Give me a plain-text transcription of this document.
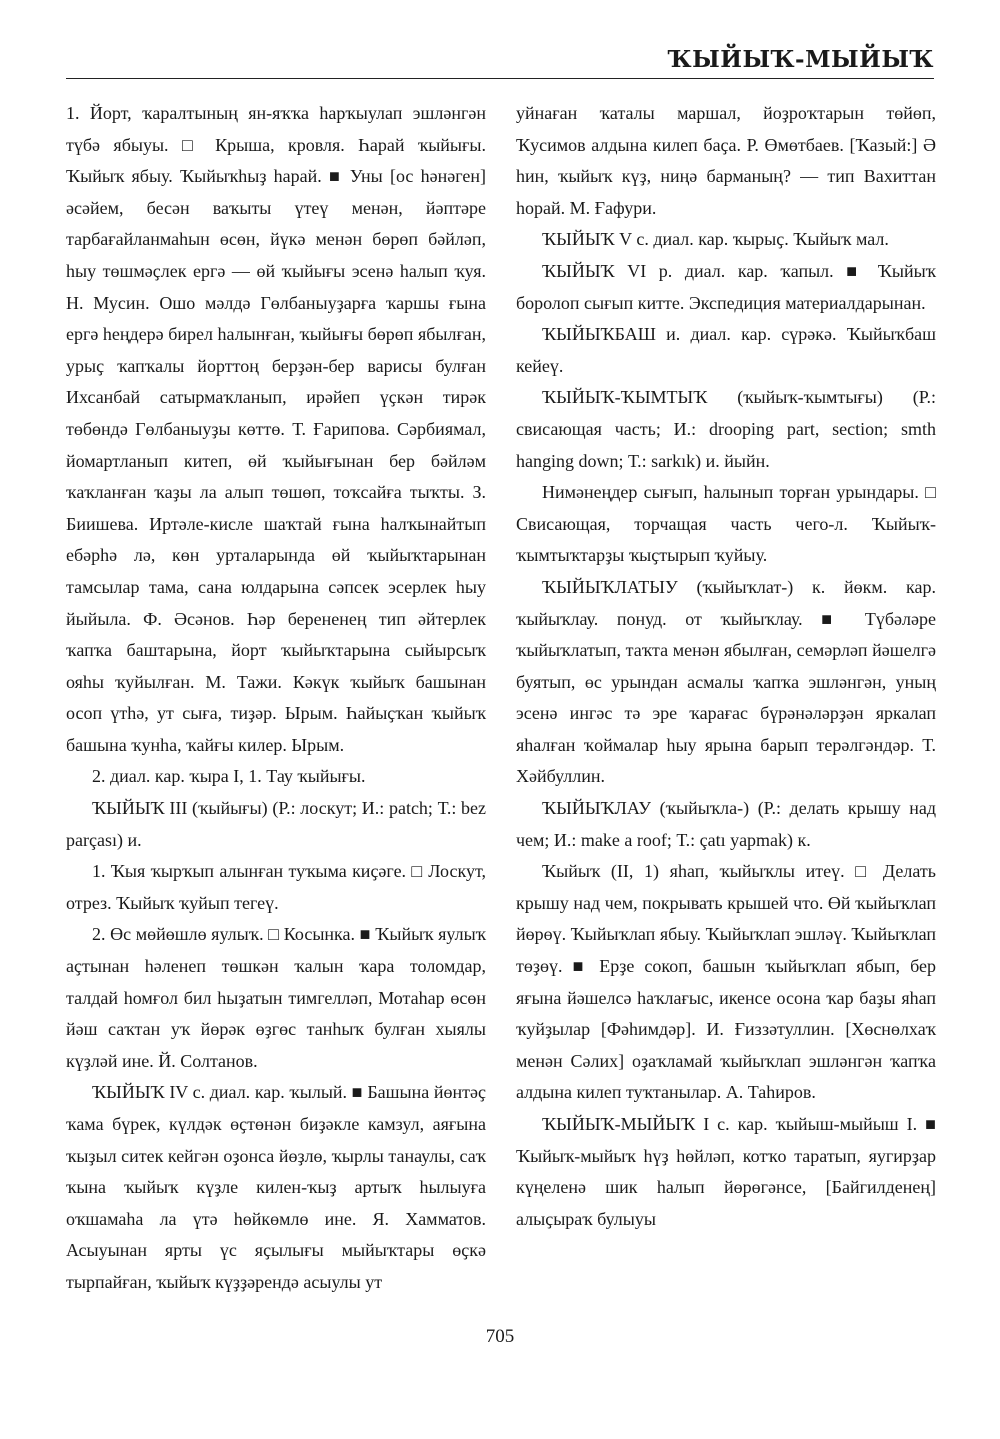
ҠЫЙЫҠ-МЫЙЫҠ

1. Йорт, ҡаралтының ян-яҡҡа һарҡыулап эшләнгән түбә ябыуы. □ Крыша, кровля. Һарай ҡыйығы. Ҡыйыҡ ябыу. Ҡыйыҡһыҙ һарай. ■ Уны [ос һәнәген] әсәйем, бесән ваҡыты үтеү менән, йәптәре тарбағайланмаһын өсөн, йүкә менән бөрөп бәйләп, һыу төшмәҫлек ергә — өй ҡыйығы эсенә һалып ҡуя. Н. Мусин. Ошо мәлдә Гөлбаныуҙарға ҡаршы ғына ергә һеңдерә бирел һалынған, ҡыйығы бөрөп ябылған, урыҫ ҡапҡалы йорттоң берҙән-бер варисы булған Ихсанбай сатырмаҡланып, ирәйеп үҫкән тирәк төбөндә Гөлбаныуҙы көттө. Т. Ғарипова. Сәрбиямал, йомартланып китеп, өй ҡыйығынан бер бәйләм ҡаҡланған ҡаҙы ла алып төшөп, тоҡсайға тыҡты. З. Биишева. Иртәле-кисле шаҡтай ғына һалҡынайтып ебәрһә лә, көн урталарында өй ҡыйыҡтарынан тамсылар тама, сана юлдарына сәпсек эсерлек һыу йыйыла. Ф. Әсәнов. Һәр берененең тип әйтерлек ҡапҡа баштарына, йорт ҡыйыҡтарына сыйырсыҡ ояһы ҡуйылған. М. Тажи. Кәкүк ҡыйыҡ башынан осоп үтһә, ут сыға, тиҙәр. Ырым. Һайыҫҡан ҡыйыҡ башына ҡунһа, ҡайғы килер. Ырым.

2. диал. кар. ҡыра I, 1. Тау ҡыйығы.

ҠЫЙЫҠ III (ҡыйығы) (Р.: лоскут; И.: patch; Т.: bez parçası) и.

1. Ҡыя ҡырҡып алынған туҡыма киҫәге. □ Лоскут, отрез. Ҡыйыҡ ҡуйып тегеү.

2. Өс мөйөшлө яулыҡ. □ Косынка. ■ Ҡыйыҡ яулыҡ аҫтынан һәленеп төшкән ҡалын ҡара толомдар, талдай һомғол бил һыҙатын тимгелләп, Мотаһар өсөн йәш саҡтан уҡ йөрәк өҙгөс танһыҡ булған хыялы күҙләй ине. Й. Солтанов.

ҠЫЙЫҠ IV с. диал. кар. ҡылый. ■ Башына йөнтәҫ ҡама бүрек, күлдәк өҫтөнән биҙәкле камзул, аяғына ҡыҙыл ситек кейгән оҙонса йөҙлө, ҡырлы танаулы, саҡ ҡына ҡыйыҡ күҙле килен-ҡыҙ артыҡ һылыуға оҡшамаһа ла үтә һөйкөмлө ине. Я. Хамматов. Асыуынан ярты үс яҫылығы мыйыҡтары өҫкә тырпайған, ҡыйыҡ күҙҙәрендә асыулы ут

уйнаған ҡаталы маршал, йоҙроҡтарын төйөп, Ҡусимов алдына килеп баҫа. Р. Өмөтбаев. [Ҡазый:] Ә һин, ҡыйыҡ күҙ, ниңә барманың? — тип Вахиттан һорай. М. Ғафури.

ҠЫЙЫҠ V с. диал. кар. ҡырыҫ. Ҡыйыҡ мал.

ҠЫЙЫҠ VI р. диал. кар. ҡапыл. ■ Ҡыйыҡ боролоп сығып китте. Экспедиция материалдарынан.

ҠЫЙЫҠБАШ и. диал. кар. сүрәкә. Ҡыйыҡбаш кейеү.

ҠЫЙЫҠ-ҠЫМТЫҠ (ҡыйыҡ-ҡымтығы) (Р.: свисающая часть; И.: drooping part, section; smth hanging down; Т.: sarkık) и. йыйн.

Нимәнеңдер сығып, һалынып торған урындары. □ Свисающая, торчащая часть чего-л. Ҡыйыҡ-ҡымтыҡтарҙы ҡыҫтырып ҡуйыу.

ҠЫЙЫҠЛАТЫУ (ҡыйыҡлат-) к. йөкм. кар. ҡыйыҡлау. понуд. от ҡыйыҡлау. ■ Түбәләре ҡыйыҡлатып, таҡта менән ябылған, семәрләп йәшелгә буятып, өс урындан асмалы ҡапҡа эшләнгән, уның эсенә ингәс тә эре ҡарағас бүрәнәләрҙән яркалап яһалған ҡоймалар һыу ярына барып терәлгәндәр. Т. Хәйбуллин.

ҠЫЙЫҠЛАУ (ҡыйыҡла-) (Р.: делать крышу над чем; И.: make a roof; Т.: çatı yapmak) к.

Ҡыйыҡ (II, 1) яһап, ҡыйыҡлы итеү. □ Делать крышу над чем, покрывать крышей что. Өй ҡыйыҡлап йөрөү. Ҡыйыҡлап ябыу. Ҡыйыҡлап эшләү. Ҡыйыҡлап төҙөү. ■ Ерҙе сокоп, башын ҡыйыҡлап ябып, бер яғына йәшелсә һаҡлағыс, икенсе осона ҡар баҙы яһап ҡуйҙылар [Фәһимдәр]. И. Ғиззәтуллин. [Хөснөлхаҡ менән Сәлих] оҙаҡламай ҡыйыҡлап эшләнгән ҡапҡа алдына килеп туҡтанылар. А. Таһиров.

ҠЫЙЫҠ-МЫЙЫҠ I с. кар. ҡыйыш-мыйыш I. ■ Ҡыйыҡ-мыйыҡ һүҙ һөйләп, котҡо таратып, яугирҙар күңеленә шик һалып йөрөгәнсе, [Байгилденең] алыҫыраҡ булыуы

705
